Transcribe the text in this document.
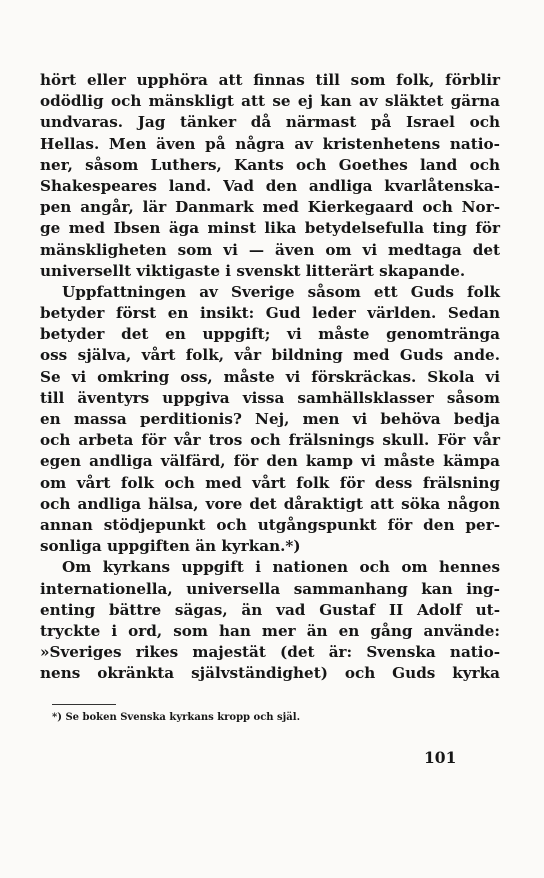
hört eller upphöra att finnas till som folk, förblir
odödlig och mänskligt att se ej kan av släktet gärna
undvaras. Jag tänker då närmast på Israel och
Hellas. Men även på några av kristenhetens natio-
ner, såsom Luthers, Kants och Goethes land och
Shakespeares land. Vad den andliga kvarlåtenska-
pen angår, lär Danmark med Kierkegaard och Nor-
ge med Ibsen äga minst lika betydelsefulla ting för
mänskligheten som vi — även om vi medtaga det
universellt viktigaste i svenskt litterärt skapande.
Uppfattningen av Sverige såsom ett Guds folk
betyder först en insikt: Gud leder världen. Sedan
betyder det en uppgift; vi måste genomtränga
oss själva, vårt folk, vår bildning med Guds ande.
Se vi omkring oss, måste vi förskräckas. Skola vi
till äventyrs uppgiva vissa samhällsklasser såsom
en massa perditionis? Nej, men vi behöva bedja
och arbeta för vår tros och frälsnings skull. För vår
egen andliga välfärd, för den kamp vi måste kämpa
om vårt folk och med vårt folk för dess frälsning
och andliga hälsa, vore det dåraktigt att söka någon
annan stödjepunkt och utgångspunkt för den per-
sonliga uppgiften än kyrkan.*)
Om kyrkans uppgift i nationen och om hennes
internationella, universella sammanhang kan ing-
enting bättre sägas, än vad Gustaf II Adolf ut-
tryckte i ord, som han mer än en gång använde:
»Sveriges rikes majestät (det är: Svenska natio-
nens okränkta självständighet) och Guds kyrka
*) Se boken Svenska kyrkans kropp och själ.
101
